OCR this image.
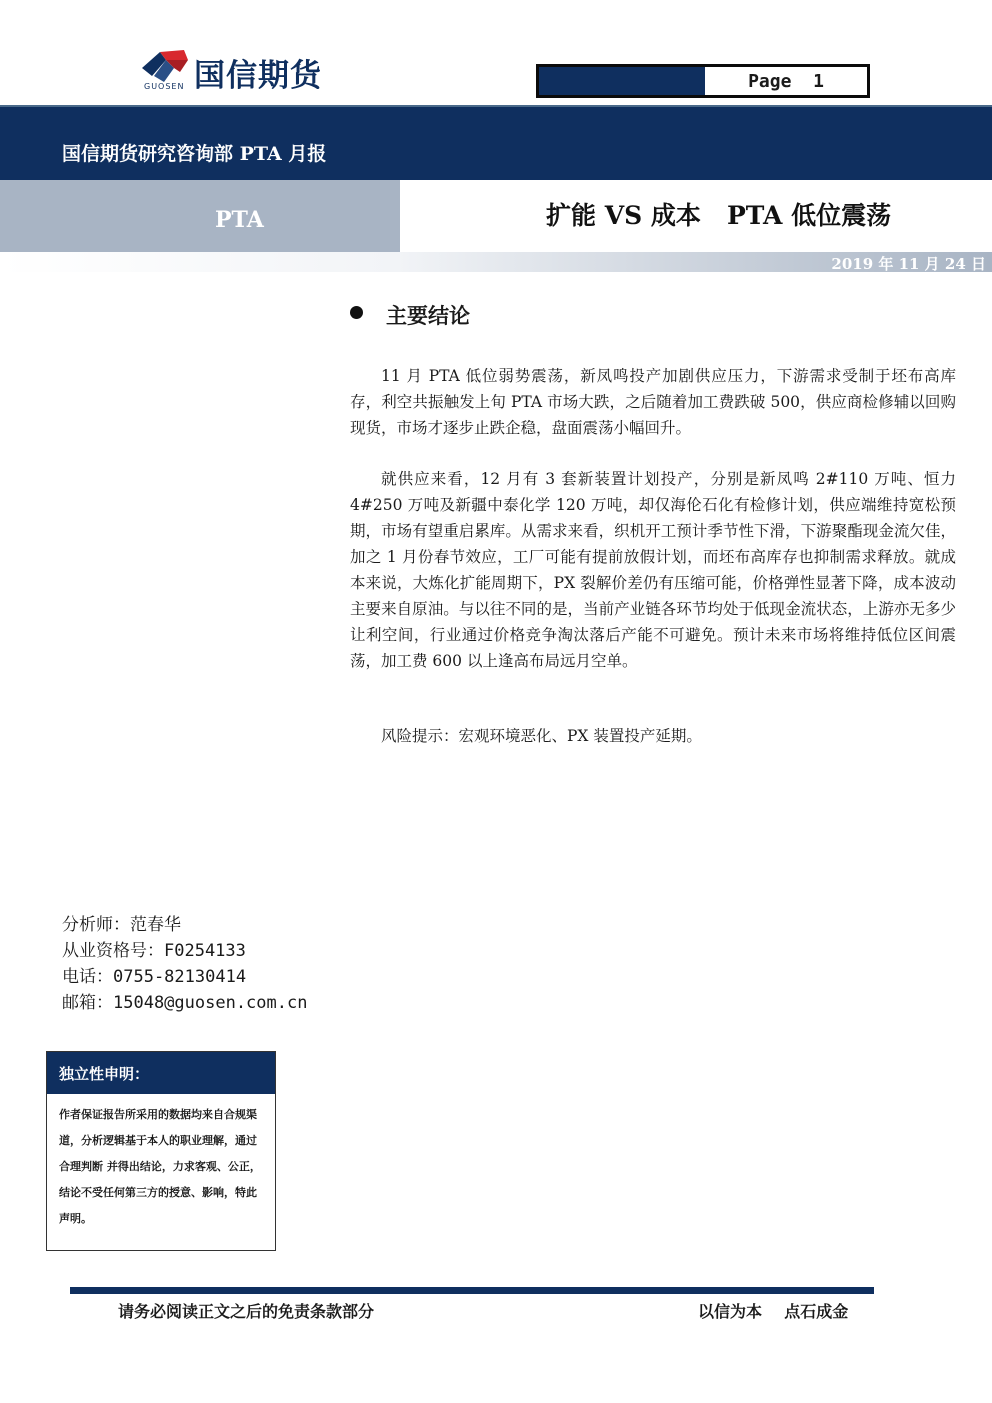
国信期货
GUOSEN	Page  1
国信期货研究咨询部 PTA 月报
PTA	扩能 VS 成本   PTA 低位震荡
2019 年 11 月 24 日
主要结论

11 月 PTA 低位弱势震荡，新凤鸣投产加剧供应压力，下游需求受制于坯布高库存，利空共振触发上旬 PTA 市场大跌，之后随着加工费跌破 500，供应商检修辅以回购现货，市场才逐步止跌企稳，盘面震荡小幅回升。

就供应来看，12 月有 3 套新装置计划投产，分别是新凤鸣 2#110 万吨、恒力 4#250 万吨及新疆中泰化学 120 万吨，却仅海伦石化有检修计划，供应端维持宽松预期，市场有望重启累库。从需求来看，织机开工预计季节性下滑，下游聚酯现金流欠佳，加之 1 月份春节效应，工厂可能有提前放假计划，而坯布高库存也抑制需求释放。就成本来说，大炼化扩能周期下，PX 裂解价差仍有压缩可能，价格弹性显著下降，成本波动主要来自原油。与以往不同的是，当前产业链各环节均处于低现金流状态，上游亦无多少让利空间，行业通过价格竞争淘汰落后产能不可避免。预计未来市场将维持低位区间震荡，加工费 600 以上逢高布局远月空单。

风险提示：宏观环境恶化、PX 装置投产延期。

分析师：范春华
从业资格号：F0254133
电话：0755-82130414
邮箱：15048@guosen.com.cn
独立性申明：
作者保证报告所采用的数据均来自合规渠道，分析逻辑基于本人的职业理解，通过合理判断 并得出结论，力求客观、公正，结论不受任何第三方的授意、影响，特此声明。
请务必阅读正文之后的免责条款部分	以信为本    点石成金
